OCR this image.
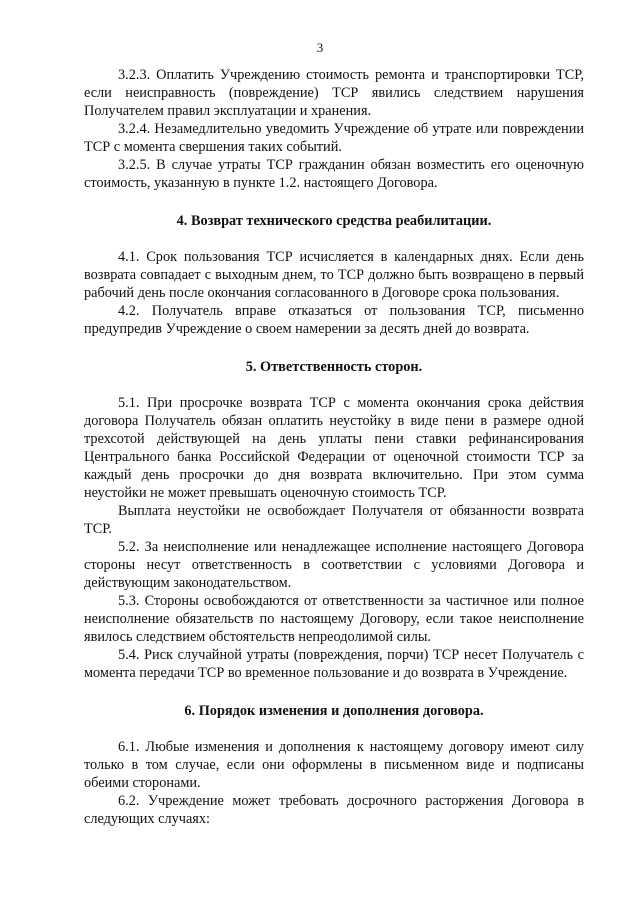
3

3.2.3. Оплатить Учреждению стоимость ремонта и транспортировки ТСР, если неисправность (повреждение) ТСР явились следствием нарушения Получателем правил эксплуатации и хранения.

3.2.4. Незамедлительно уведомить Учреждение об утрате или повреждении ТСР с момента свершения таких событий.

3.2.5. В случае утраты ТСР гражданин обязан возместить его оценочную стоимость, указанную в пункте 1.2. настоящего Договора.

4. Возврат технического средства реабилитации.

4.1. Срок пользования ТСР исчисляется в календарных днях. Если день возврата совпадает с выходным днем, то ТСР должно быть возвращено в первый рабочий день после окончания согласованного в Договоре срока пользования.

4.2. Получатель вправе отказаться от пользования ТСР, письменно предупредив Учреждение о своем намерении за десять дней до возврата.

5. Ответственность сторон.

5.1. При просрочке возврата ТСР с момента окончания срока действия договора Получатель обязан оплатить неустойку в виде пени в размере одной трехсотой действующей на день уплаты пени ставки рефинансирования Центрального банка Российской Федерации от оценочной стоимости ТСР за каждый день просрочки до дня возврата включительно. При этом сумма неустойки не может превышать оценочную стоимость ТСР.

Выплата неустойки не освобождает Получателя от обязанности возврата ТСР.

5.2. За неисполнение или ненадлежащее исполнение настоящего Договора стороны несут ответственность в соответствии с условиями Договора и действующим законодательством.

5.3. Стороны освобождаются от ответственности за частичное или полное неисполнение обязательств по настоящему Договору, если такое неисполнение явилось следствием обстоятельств непреодолимой силы.

5.4. Риск случайной утраты (повреждения, порчи) ТСР несет Получатель с момента передачи ТСР во временное пользование и до возврата в Учреждение.

6. Порядок изменения и дополнения договора.

6.1. Любые изменения и дополнения к настоящему договору имеют силу только в том случае, если они оформлены в письменном виде и подписаны обеими сторонами.

6.2. Учреждение может требовать досрочного расторжения Договора в следующих случаях:
